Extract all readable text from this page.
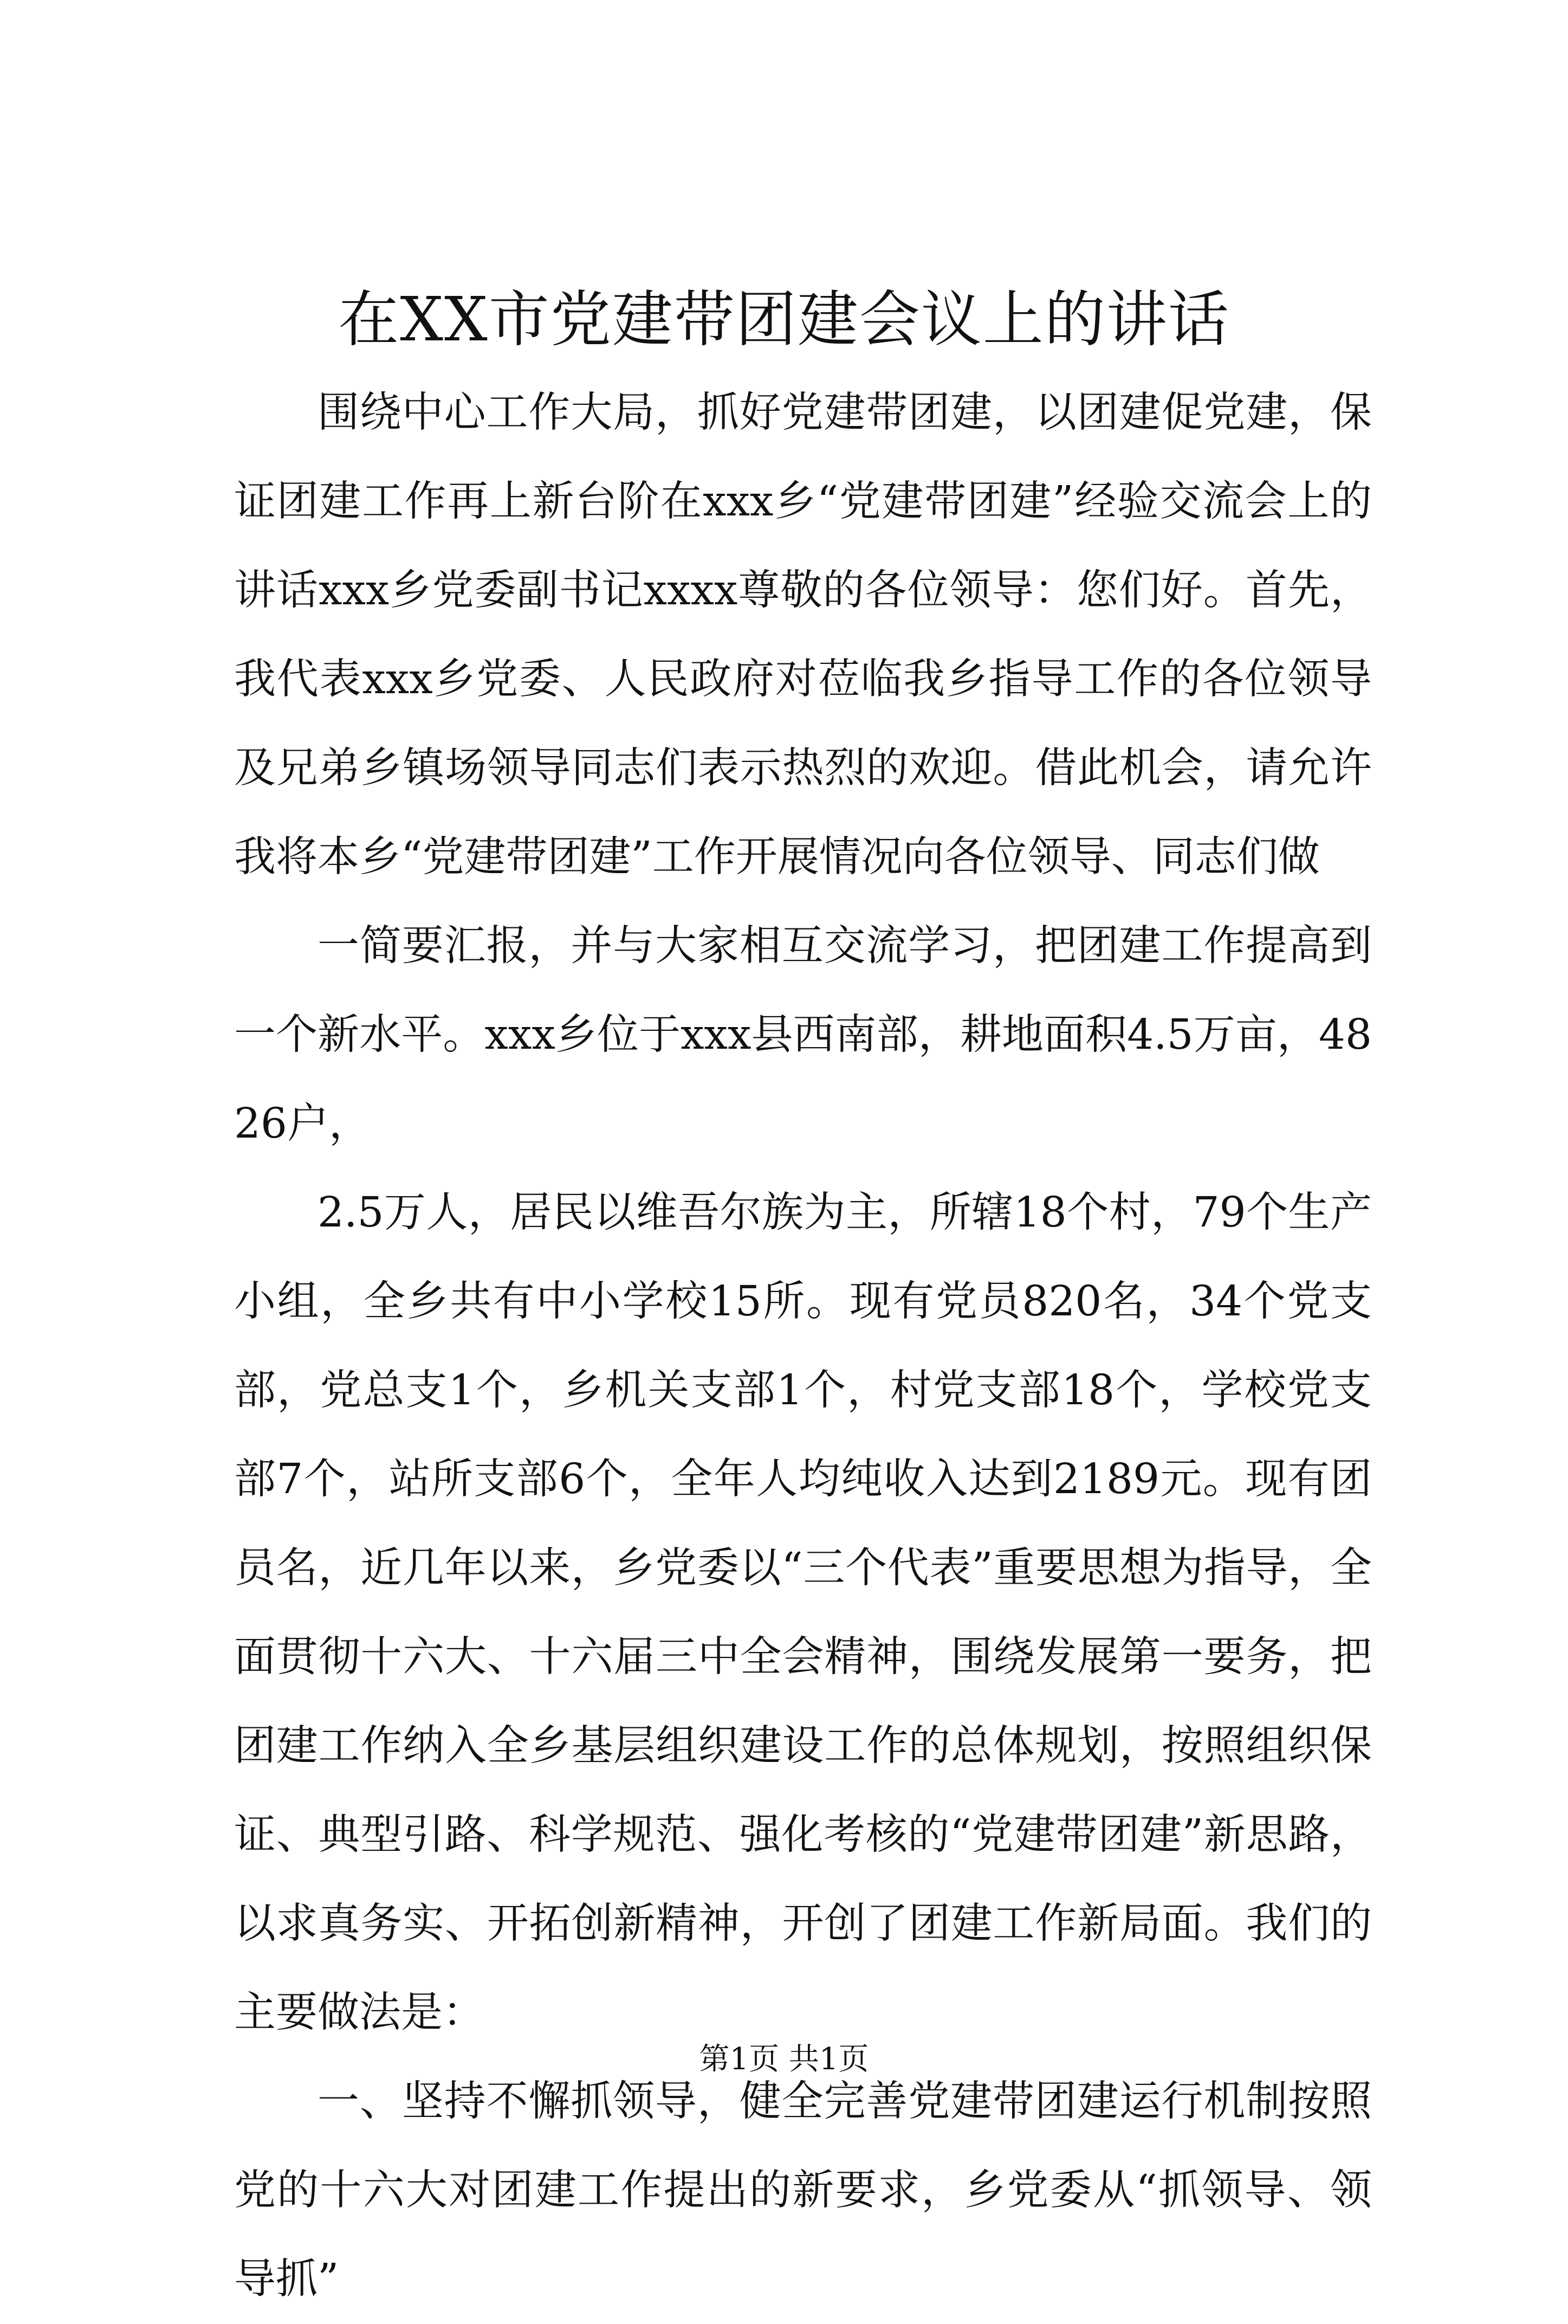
在XX市党建带团建会议上的讲话

围绕中心工作大局，抓好党建带团建，以团建促党建，保证团建工作再上新台阶在xxx乡“党建带团建”经验交流会上的讲话xxx乡党委副书记xxxx尊敬的各位领导：您们好。首先，我代表xxx乡党委、人民政府对莅临我乡指导工作的各位领导及兄弟乡镇场领导同志们表示热烈的欢迎。借此机会，请允许我将本乡“党建带团建”工作开展情况向各位领导、同志们做

一简要汇报，并与大家相互交流学习，把团建工作提高到一个新水平。xxx乡位于xxx县西南部，耕地面积4.5万亩，4826户，

2.5万人，居民以维吾尔族为主，所辖18个村，79个生产小组，全乡共有中小学校15所。现有党员820名，34个党支部，党总支1个，乡机关支部1个，村党支部18个，学校党支部7个，站所支部6个，全年人均纯收入达到2189元。现有团员名，近几年以来，乡党委以“三个代表”重要思想为指导，全面贯彻十六大、十六届三中全会精神，围绕发展第一要务，把团建工作纳入全乡基层组织建设工作的总体规划，按照组织保证、典型引路、科学规范、强化考核的“党建带团建”新思路，以求真务实、开拓创新精神，开创了团建工作新局面。我们的主要做法是：

一、坚持不懈抓领导，健全完善党建带团建运行机制按照党的十六大对团建工作提出的新要求，乡党委从“抓领导、领导抓”

第1页 共1页
